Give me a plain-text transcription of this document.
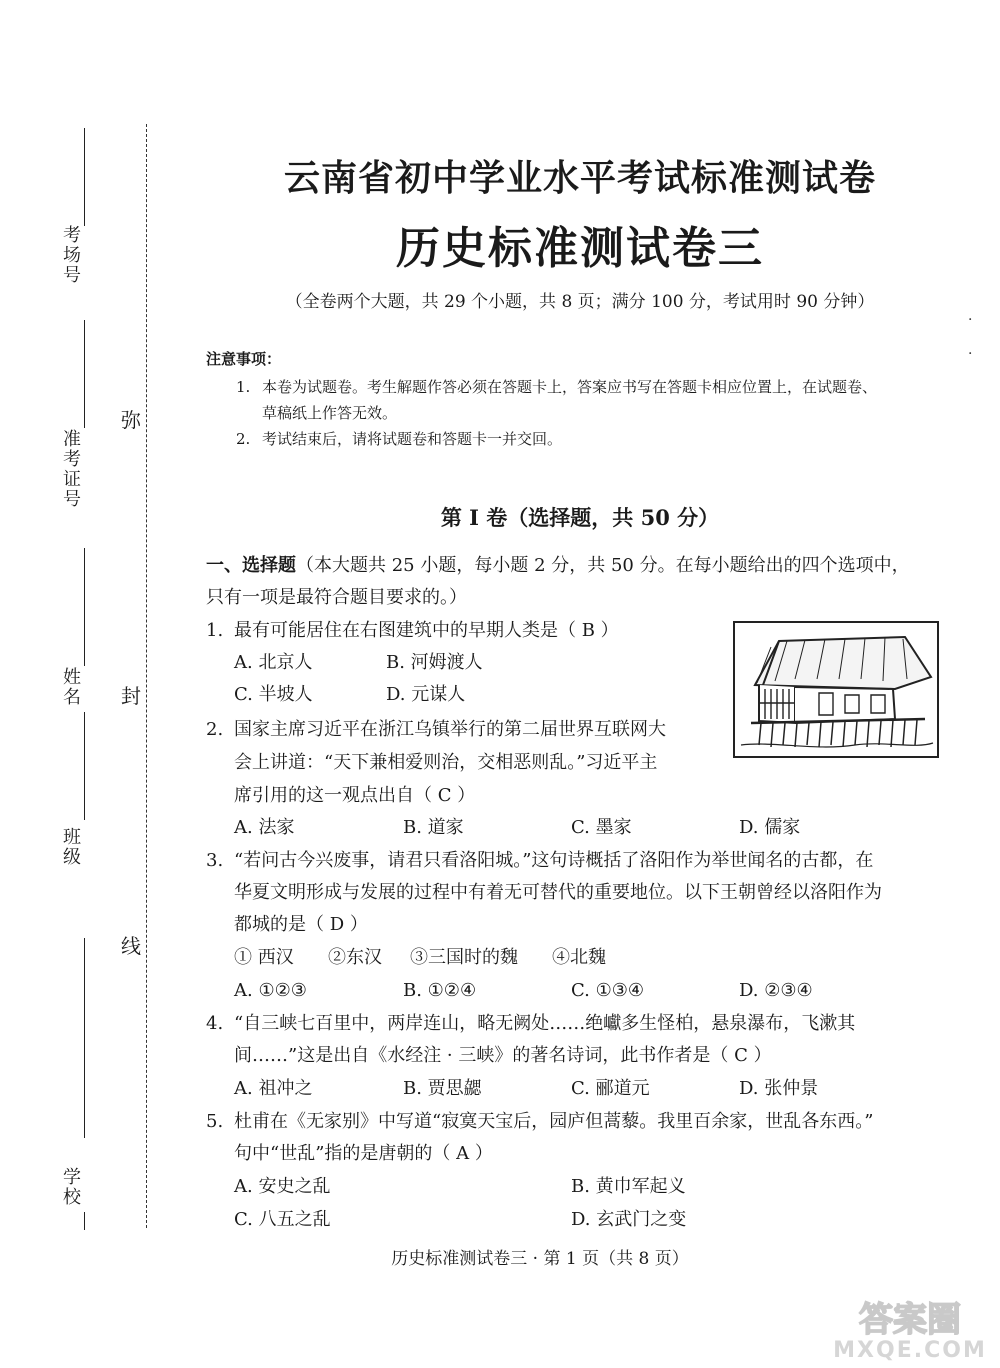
考场号
准考证号
姓名
班级
学校
弥
封
线
云南省初中学业水平考试标准测试卷
历史标准测试卷三
（全卷两个大题，共 29 个小题，共 8 页；满分 100 分，考试用时 90 分钟）
·
·
注意事项：
1. 本卷为试题卷。考生解题作答必须在答题卡上，答案应书写在答题卡相应位置上，在试题卷、
草稿纸上作答无效。
2. 考试结束后，请将试题卷和答题卡一并交回。
第 I 卷（选择题，共 50 分）
一、选择题（本大题共 25 小题，每小题 2 分，共 50 分。在每小题给出的四个选项中，
只有一项是最符合题目要求的。）
1. 最有可能居住在右图建筑中的早期人类是（ B ）
A. 北京人	B. 河姆渡人
C. 半坡人	D. 元谋人
2. 国家主席习近平在浙江乌镇举行的第二届世界互联网大
会上讲道：“天下兼相爱则治，交相恶则乱。”习近平主
席引用的这一观点出自（ C ）
A. 法家	B. 道家	C. 墨家	D. 儒家
3. “若问古今兴废事，请君只看洛阳城。”这句诗概括了洛阳作为举世闻名的古都，在
华夏文明形成与发展的过程中有着无可替代的重要地位。以下王朝曾经以洛阳作为
都城的是（ D ）
① 西汉 ②东汉 ③三国时的魏 ④北魏
A. ①②③	B. ①②④	C. ①③④	D. ②③④
4. “自三峡七百里中，两岸连山，略无阙处……绝巘多生怪柏，悬泉瀑布，飞漱其
间……”这是出自《水经注 · 三峡》的著名诗词，此书作者是（ C ）
A. 祖冲之	B. 贾思勰	C. 郦道元	D. 张仲景
5. 杜甫在《无家别》中写道“寂寞天宝后，园庐但蒿藜。我里百余家，世乱各东西。”
句中“世乱”指的是唐朝的（ A ）
A. 安史之乱	B. 黄巾军起义
C. 八五之乱	D. 玄武门之变
历史标准测试卷三 · 第 1 页（共 8 页）
答案圈
MXQE.COM
